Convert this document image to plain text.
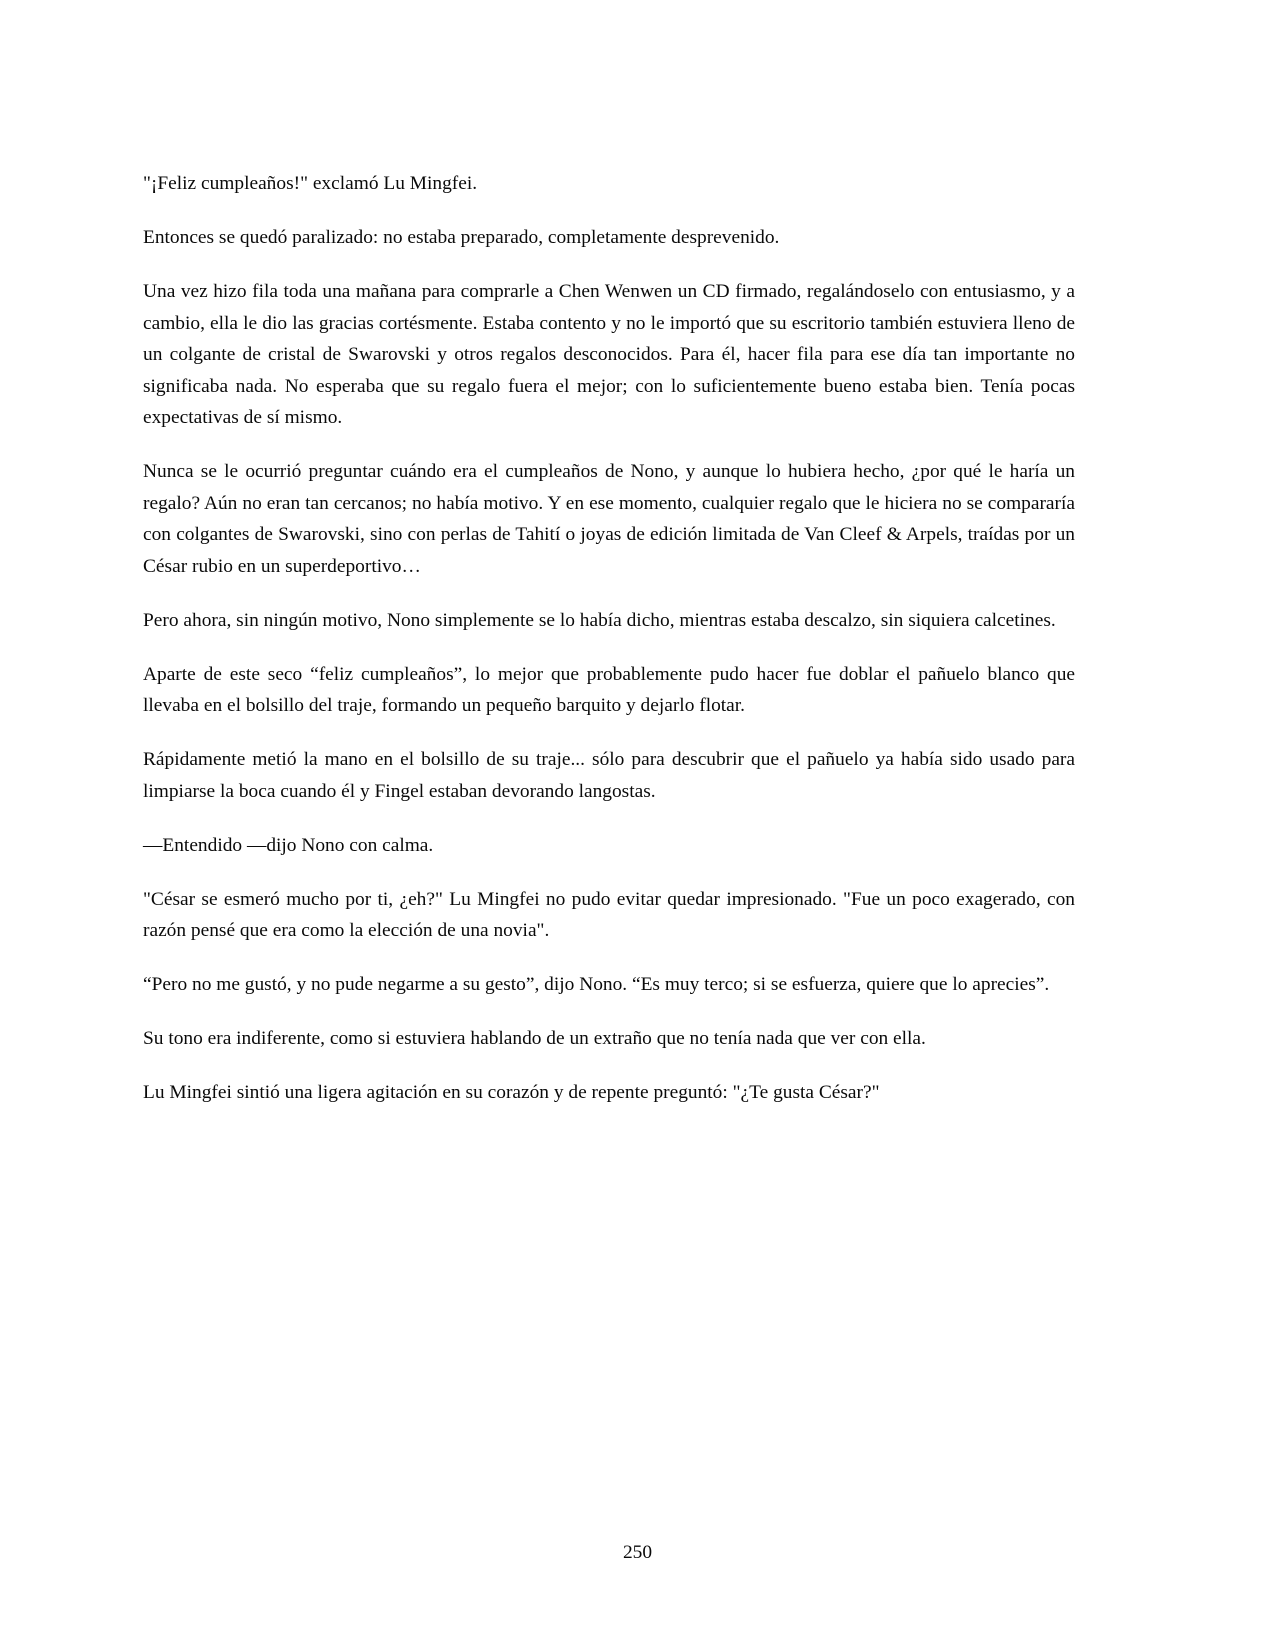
"¡Feliz cumpleaños!" exclamó Lu Mingfei.

Entonces se quedó paralizado: no estaba preparado, completamente desprevenido.

Una vez hizo fila toda una mañana para comprarle a Chen Wenwen un CD firmado, regalándoselo con entusiasmo, y a cambio, ella le dio las gracias cortésmente. Estaba contento y no le importó que su escritorio también estuviera lleno de un colgante de cristal de Swarovski y otros regalos desconocidos. Para él, hacer fila para ese día tan importante no significaba nada. No esperaba que su regalo fuera el mejor; con lo suficientemente bueno estaba bien. Tenía pocas expectativas de sí mismo.

Nunca se le ocurrió preguntar cuándo era el cumpleaños de Nono, y aunque lo hubiera hecho, ¿por qué le haría un regalo? Aún no eran tan cercanos; no había motivo. Y en ese momento, cualquier regalo que le hiciera no se compararía con colgantes de Swarovski, sino con perlas de Tahití o joyas de edición limitada de Van Cleef & Arpels, traídas por un César rubio en un superdeportivo…

Pero ahora, sin ningún motivo, Nono simplemente se lo había dicho, mientras estaba descalzo, sin siquiera calcetines.

Aparte de este seco “feliz cumpleaños”, lo mejor que probablemente pudo hacer fue doblar el pañuelo blanco que llevaba en el bolsillo del traje, formando un pequeño barquito y dejarlo flotar.

Rápidamente metió la mano en el bolsillo de su traje... sólo para descubrir que el pañuelo ya había sido usado para limpiarse la boca cuando él y Fingel estaban devorando langostas.

—Entendido —dijo Nono con calma.

"César se esmeró mucho por ti, ¿eh?" Lu Mingfei no pudo evitar quedar impresionado. "Fue un poco exagerado, con razón pensé que era como la elección de una novia".

“Pero no me gustó, y no pude negarme a su gesto”, dijo Nono. “Es muy terco; si se esfuerza, quiere que lo aprecies”.

Su tono era indiferente, como si estuviera hablando de un extraño que no tenía nada que ver con ella.

Lu Mingfei sintió una ligera agitación en su corazón y de repente preguntó: "¿Te gusta César?"

250
